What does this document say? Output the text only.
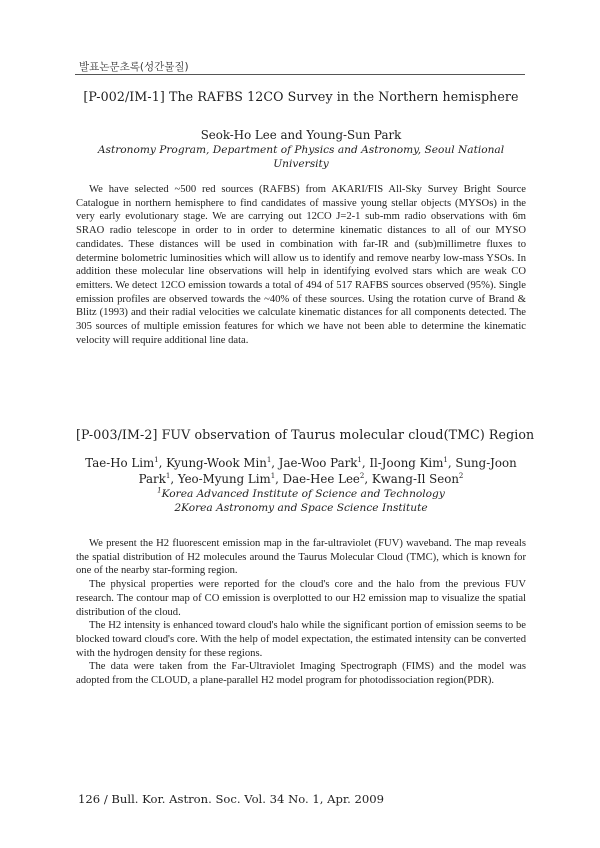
발표논문초록(성간물질)
[P-002/IM-1] The RAFBS 12CO Survey in the Northern hemisphere

Seok-Ho Lee and Young-Sun Park

Astronomy Program, Department of Physics and Astronomy, Seoul National University

We have selected ~500 red sources (RAFBS) from AKARI/FIS All-Sky Survey Bright Source Catalogue in northern hemisphere to find candidates of massive young stellar objects (MYSOs) in the very early evolutionary stage. We are carrying out 12CO J=2-1 sub-mm radio observations with 6m SRAO radio telescope in order to in order to determine kinematic distances to all of our MYSO candidates. These distances will be used in combination with far-IR and (sub)millimetre fluxes to determine bolometric luminosities which will allow us to identify and remove nearby low-mass YSOs. In addition these molecular line observations will help in identifying evolved stars which are weak CO emitters. We detect 12CO emission towards a total of 494 of 517 RAFBS sources observed (95%). Single emission profiles are observed towards the ~40% of these sources. Using the rotation curve of Brand & Blitz (1993) and their radial velocities we calculate kinematic distances for all components detected. The 305 sources of multiple emission features for which we have not been able to determine the kinematic velocity will require additional line data.

[P-003/IM-2] FUV observation of Taurus molecular cloud(TMC) Region

Tae-Ho Lim$^1$, Kyung-Wook Min$^1$, Jae-Woo Park$^1$, Il-Joong Kim$^1$, Sung-Joon Park$^1$, Yeo-Myung Lim$^1$, Dae-Hee Lee$^2$, Kwang-Il Seon$^2$

$^1$Korea Advanced Institute of Science and Technology

2Korea Astronomy and Space Science Institute

We present the H2 fluorescent emission map in the far-ultraviolet (FUV) waveband. The map reveals the spatial distribution of H2 molecules around the Taurus Molecular Cloud (TMC), which is known for one of the nearby star-forming region.

The physical properties were reported for the cloud's core and the halo from the previous FUV research. The contour map of CO emission is overplotted to our H2 emission map to visualize the spatial distribution of the cloud.

The H2 intensity is enhanced toward cloud's halo while the significant portion of emission seems to be blocked toward cloud's core. With the help of model expectation, the estimated intensity can be converted with the hydrogen density for these regions.

The data were taken from the Far-Ultraviolet Imaging Spectrograph (FIMS) and the model was adopted from the CLOUD, a plane-parallel H2 model program for photodissociation region(PDR).

126 / Bull. Kor. Astron. Soc. Vol. 34 No. 1, Apr. 2009
